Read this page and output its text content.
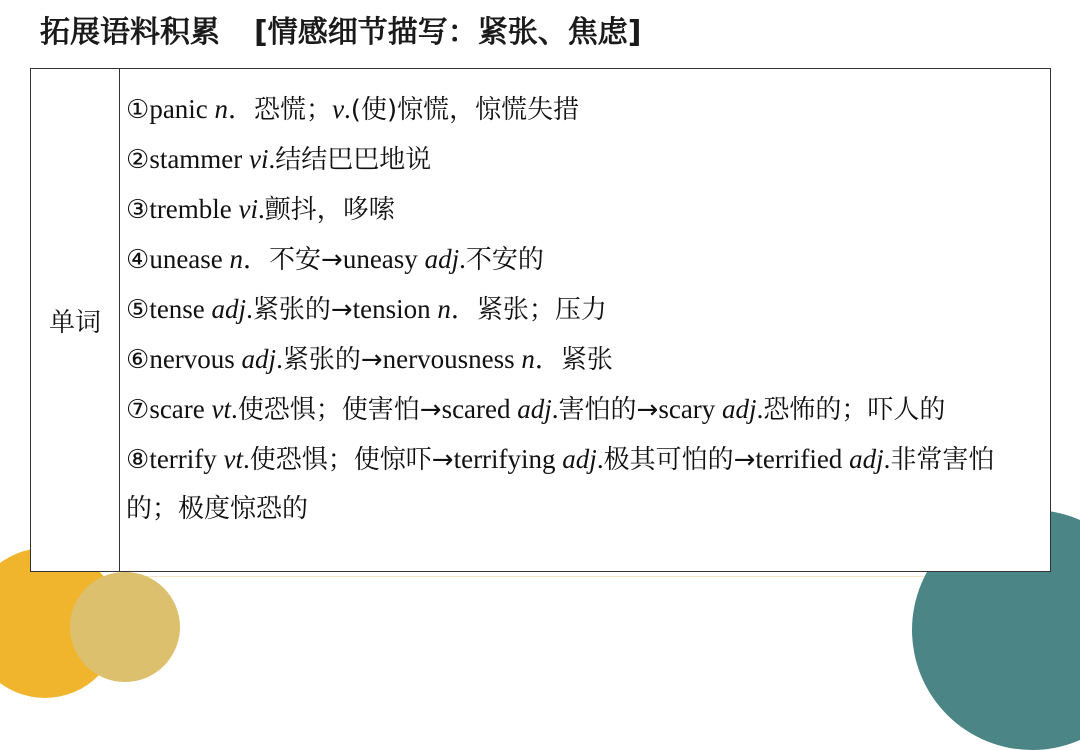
拓展语料积累 [情感细节描写：紧张、焦虑]
单词	
①panic n．恐慌；v.(使)惊慌，惊慌失措
②stammer vi.结结巴巴地说
③tremble vi.颤抖，哆嗦
④unease n．不安→uneasy adj.不安的
⑤tense adj.紧张的→tension n．紧张；压力
⑥nervous adj.紧张的→nervousness n．紧张
⑦scare vt.使恐惧；使害怕→scared adj.害怕的→scary adj.恐怖的；吓人的
⑧terrify vt.使恐惧；使惊吓→terrifying adj.极其可怕的→terrified adj.非常害怕的；极度惊恐的
